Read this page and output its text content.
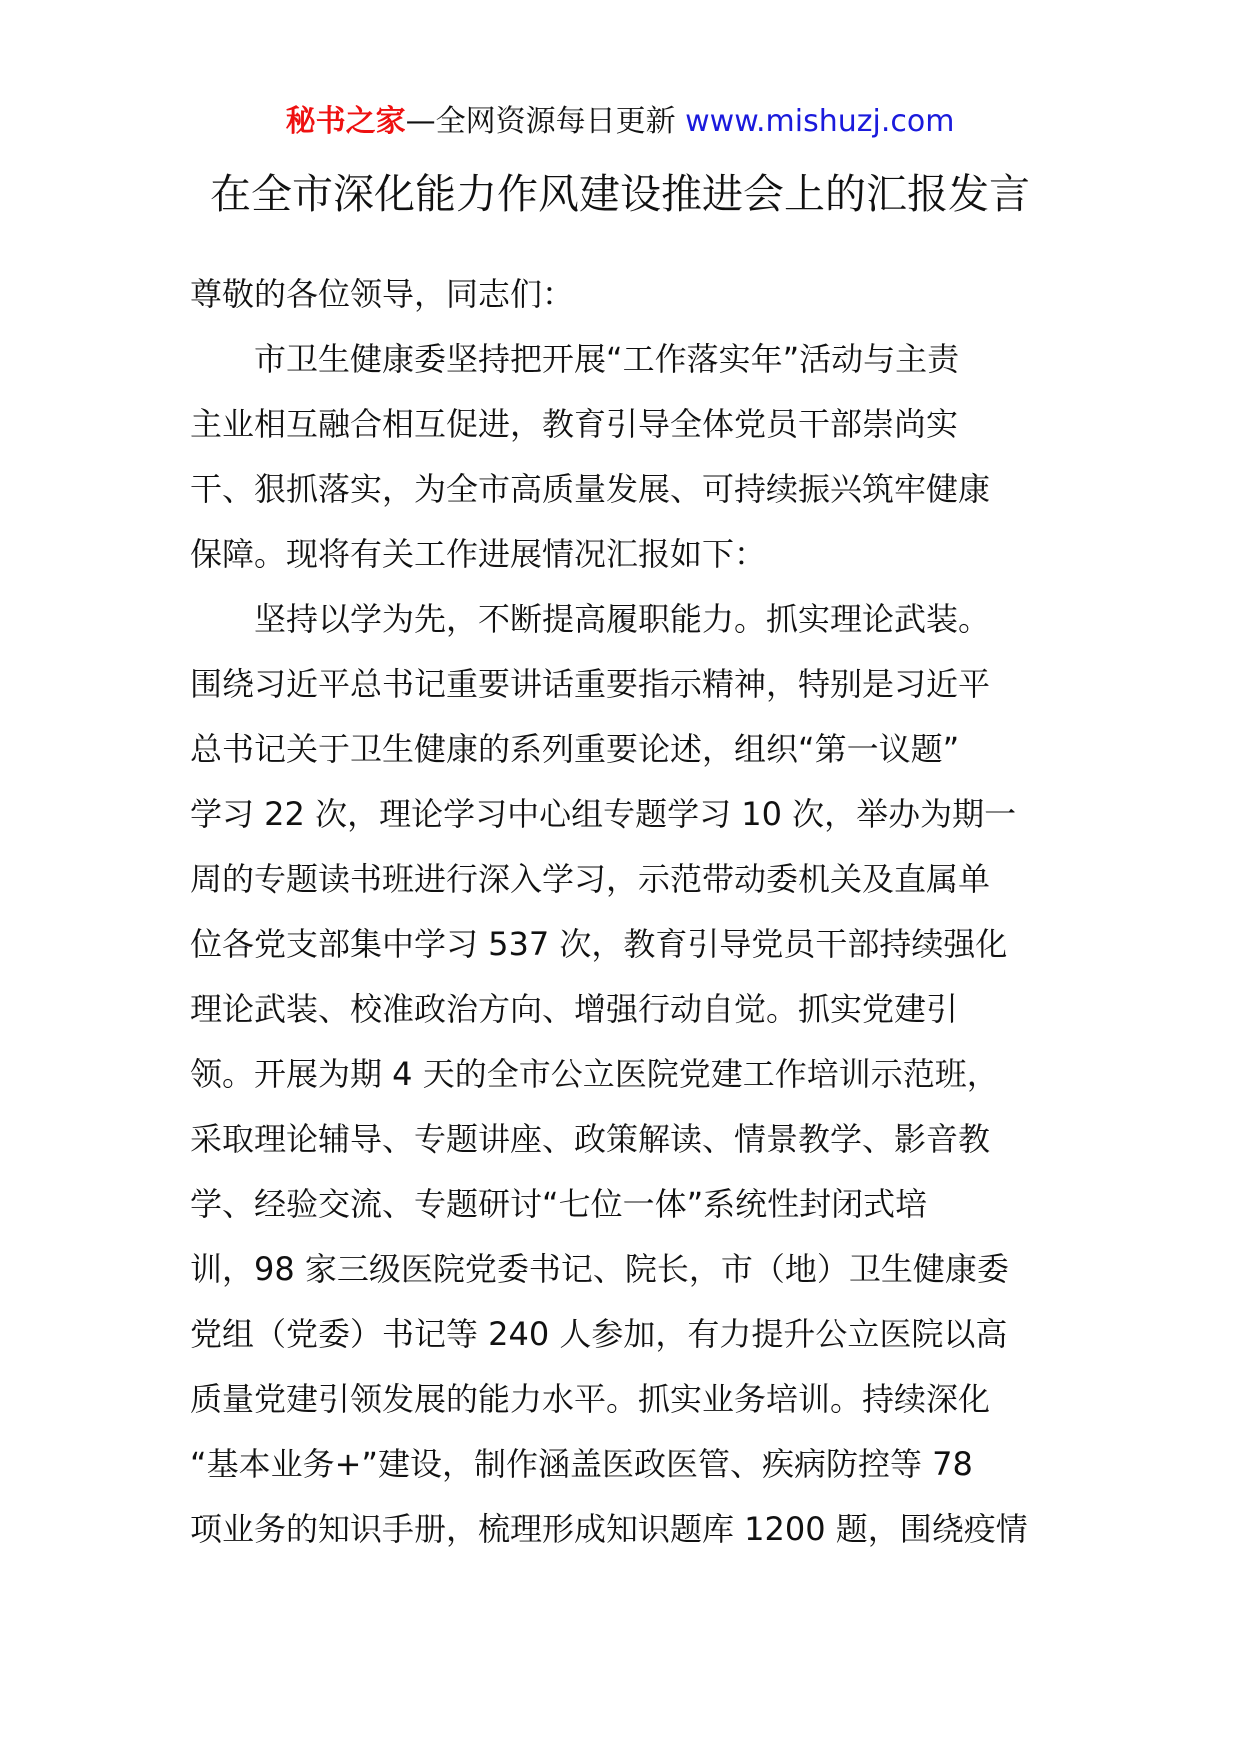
秘书之家—全网资源每日更新 www.mishuzj.com
在全市深化能力作风建设推进会上的汇报发言
尊敬的各位领导，同志们：
　　市卫生健康委坚持把开展“工作落实年”活动与主责
主业相互融合相互促进，教育引导全体党员干部崇尚实
干、狠抓落实，为全市高质量发展、可持续振兴筑牢健康
保障。现将有关工作进展情况汇报如下：
　　坚持以学为先，不断提高履职能力。抓实理论武装。
围绕习近平总书记重要讲话重要指示精神，特别是习近平
总书记关于卫生健康的系列重要论述，组织“第一议题”
学习 22 次，理论学习中心组专题学习 10 次，举办为期一
周的专题读书班进行深入学习，示范带动委机关及直属单
位各党支部集中学习 537 次，教育引导党员干部持续强化
理论武装、校准政治方向、增强行动自觉。抓实党建引
领。开展为期 4 天的全市公立医院党建工作培训示范班，
采取理论辅导、专题讲座、政策解读、情景教学、影音教
学、经验交流、专题研讨“七位一体”系统性封闭式培
训，98 家三级医院党委书记、院长，市（地）卫生健康委
党组（党委）书记等 240 人参加，有力提升公立医院以高
质量党建引领发展的能力水平。抓实业务培训。持续深化
“基本业务+”建设，制作涵盖医政医管、疾病防控等 78
项业务的知识手册，梳理形成知识题库 1200 题，围绕疫情
